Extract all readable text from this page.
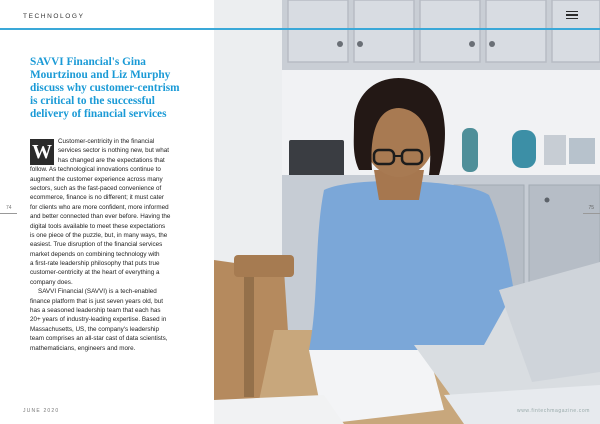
TECHNOLOGY
SAVVI Financial's Gina
Mourtzinou and Liz Murphy
discuss why customer-centrism
is critical to the successful
delivery of financial services
W Customer-centricity in the financial
services sector is nothing new, but what
has changed are the expectations that
follow. As technological innovations continue to
augment the customer experience across many
sectors, such as the fast-paced convenience of
ecommerce, finance is no different; it must cater
for clients who are more confident, more informed
and better connected than ever before. Having the
digital tools available to meet these expectations
is one piece of the puzzle, but, in many ways, the
easiest. True disruption of the financial services
market depends on combining technology with
a first-rate leadership philosophy that puts true
customer-centricity at the heart of everything a
company does.
SAVVI Financial (SAVVI) is a tech-enabled
finance platform that is just seven years old, but
has a seasoned leadership team that each has
20+ years of industry-leading expertise. Based in
Massachusetts, US, the company's leadership
team comprises an all-star cast of data scientists,
mathematicians, engineers and more.
74
JUNE 2020
75
www.fintechmagazine.com
